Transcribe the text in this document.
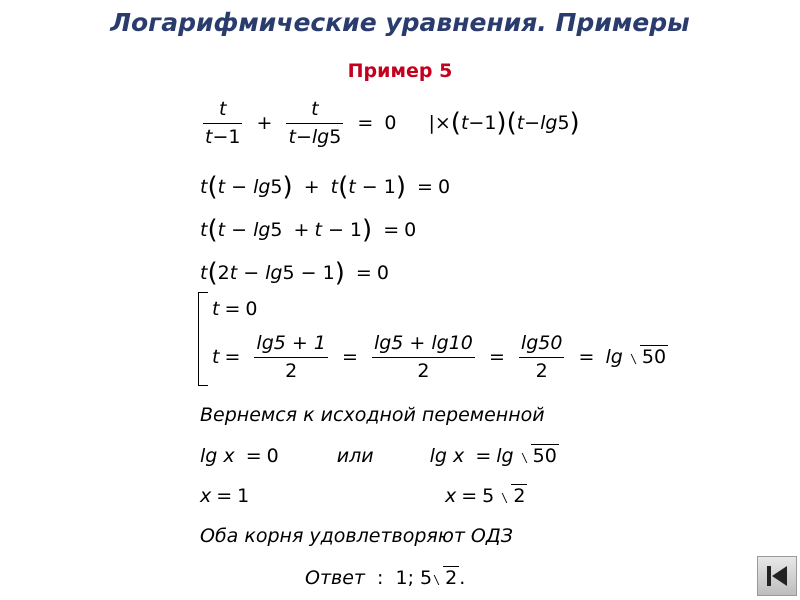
Логарифмические уравнения. Примеры
Пример 5
$\frac{t}{t-1} + \frac{t}{t-\lg 5} = 0$ |×(t−1)(t−lg5)
t(t − lg5) + t(t − 1) = 0
t(t − lg5 + t − 1) = 0
t(2t − lg5 − 1) = 0
t = 0
$t = \frac{\lg 5 + 1}{2} = \frac{\lg 5 + \lg 10}{2} = \frac{\lg 50}{2} = \lg 50$
Вернемся к исходной переменной
lg x = 0	или	lg x = lg 50
x = 1	x = 5 2
Оба корня удовлетворяют ОДЗ
Ответ : 1; 5 2 .
